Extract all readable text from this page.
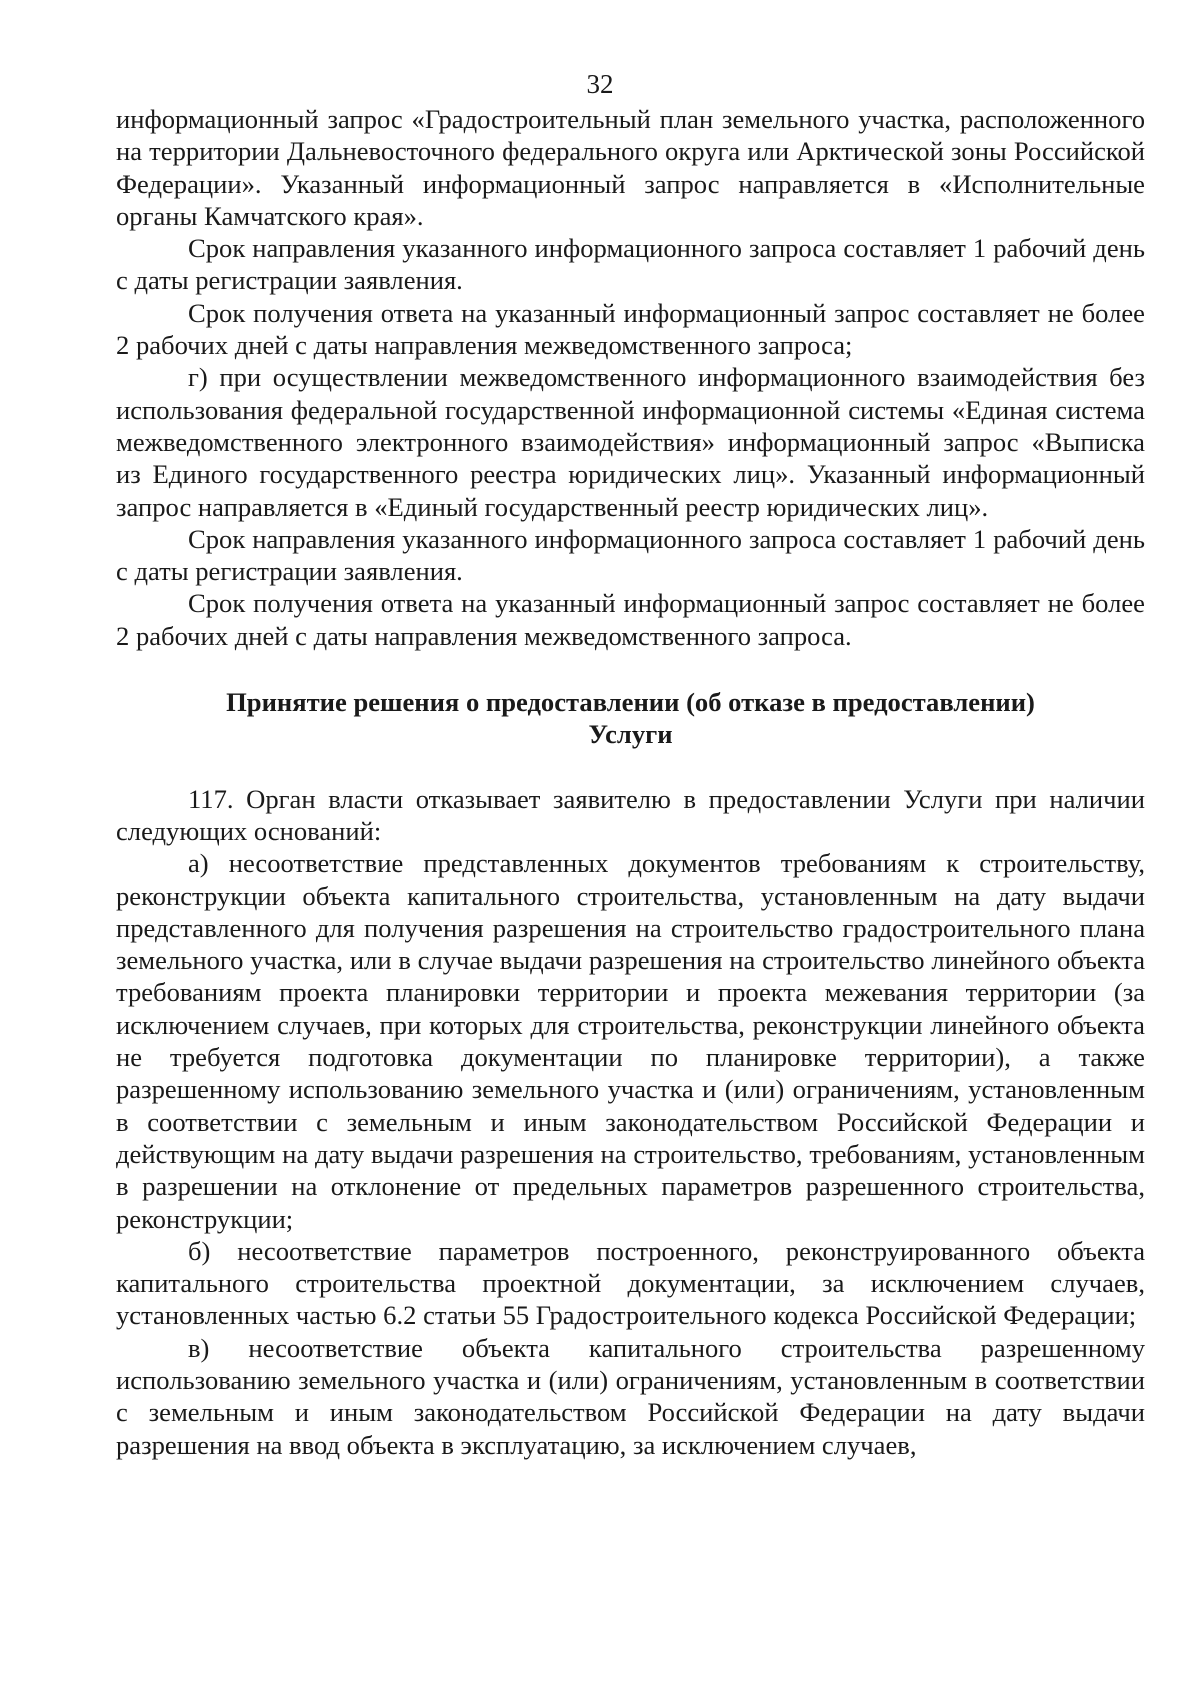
32

информационный запрос «Градостроительный план земельного участка, расположенного на территории Дальневосточного федерального округа или Арктической зоны Российской Федерации». Указанный информационный запрос направляется в «Исполнительные органы Камчатского края».

Срок направления указанного информационного запроса составляет 1 рабочий день с даты регистрации заявления.

Срок получения ответа на указанный информационный запрос составляет не более 2 рабочих дней с даты направления межведомственного запроса;

г) при осуществлении межведомственного информационного взаимодействия без использования федеральной государственной информационной системы «Единая система межведомственного электронного взаимодействия» информационный запрос «Выписка из Единого государственного реестра юридических лиц». Указанный информационный запрос направляется в «Единый государственный реестр юридических лиц».

Срок направления указанного информационного запроса составляет 1 рабочий день с даты регистрации заявления.

Срок получения ответа на указанный информационный запрос составляет не более 2 рабочих дней с даты направления межведомственного запроса.

Принятие решения о предоставлении (об отказе в предоставлении)
Услуги

117. Орган власти отказывает заявителю в предоставлении Услуги при наличии следующих оснований:

а) несоответствие представленных документов требованиям к строительству, реконструкции объекта капитального строительства, установленным на дату выдачи представленного для получения разрешения на строительство градостроительного плана земельного участка, или в случае выдачи разрешения на строительство линейного объекта требованиям проекта планировки территории и проекта межевания территории (за исключением случаев, при которых для строительства, реконструкции линейного объекта не требуется подготовка документации по планировке территории), а также разрешенному использованию земельного участка и (или) ограничениям, установленным в соответствии с земельным и иным законодательством Российской Федерации и действующим на дату выдачи разрешения на строительство, требованиям, установленным в разрешении на отклонение от предельных параметров разрешенного строительства, реконструкции;

б) несоответствие параметров построенного, реконструированного объекта капитального строительства проектной документации, за исключением случаев, установленных частью 6.2 статьи 55 Градостроительного кодекса Российской Федерации;

в) несоответствие объекта капитального строительства разрешенному использованию земельного участка и (или) ограничениям, установленным в соответствии с земельным и иным законодательством Российской Федерации на дату выдачи разрешения на ввод объекта в эксплуатацию, за исключением случаев,
